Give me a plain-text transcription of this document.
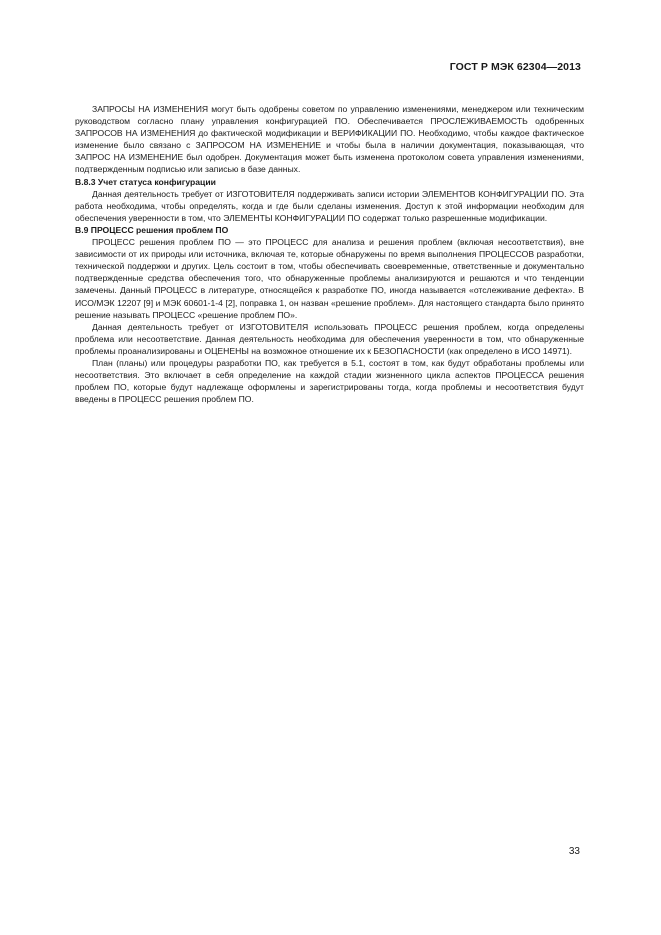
ГОСТ Р МЭК 62304—2013

ЗАПРОСЫ НА ИЗМЕНЕНИЯ могут быть одобрены советом по управлению изменениями, менеджером или техническим руководством согласно плану управления конфигурацией ПО. Обеспечивается ПРОСЛЕЖИВАЕМОСТЬ одобренных ЗАПРОСОВ НА ИЗМЕНЕНИЯ до фактической модификации и ВЕРИФИКАЦИИ ПО. Необходимо, чтобы каждое фактическое изменение было связано с ЗАПРОСОМ НА ИЗМЕНЕНИЕ и чтобы была в наличии документация, показывающая, что ЗАПРОС НА ИЗМЕНЕНИЕ был одобрен. Документация может быть изменена протоколом совета управления изменениями, подтвержденным подписью или записью в базе данных.

В.8.3 Учет статуса конфигурации

Данная деятельность требует от ИЗГОТОВИТЕЛЯ поддерживать записи истории ЭЛЕМЕНТОВ КОНФИГУРАЦИИ ПО. Эта работа необходима, чтобы определять, когда и где были сделаны изменения. Доступ к этой информации необходим для обеспечения уверенности в том, что ЭЛЕМЕНТЫ КОНФИГУРАЦИИ ПО содержат только разрешенные модификации.

В.9 ПРОЦЕСС решения проблем ПО

ПРОЦЕСС решения проблем ПО — это ПРОЦЕСС для анализа и решения проблем (включая несоответствия), вне зависимости от их природы или источника, включая те, которые обнаружены по время выполнения ПРОЦЕССОВ разработки, технической поддержки и других. Цель состоит в том, чтобы обеспечивать своевременные, ответственные и документально подтвержденные средства обеспечения того, что обнаруженные проблемы анализируются и решаются и что тенденции замечены. Данный ПРОЦЕСС в литературе, относящейся к разработке ПО, иногда называется «отслеживание дефекта». В ИСО/МЭК 12207 [9] и МЭК 60601-1-4 [2], поправка 1, он назван «решение проблем». Для настоящего стандарта было принято решение называть ПРОЦЕСС «решение проблем ПО».

Данная деятельность требует от ИЗГОТОВИТЕЛЯ использовать ПРОЦЕСС решения проблем, когда определены проблема или несоответствие. Данная деятельность необходима для обеспечения уверенности в том, что обнаруженные проблемы проанализированы и ОЦЕНЕНЫ на возможное отношение их к БЕЗОПАСНОСТИ (как определено в ИСО 14971).

План (планы) или процедуры разработки ПО, как требуется в 5.1, состоят в том, как будут обработаны проблемы или несоответствия. Это включает в себя определение на каждой стадии жизненного цикла аспектов ПРОЦЕССА решения проблем ПО, которые будут надлежаще оформлены и зарегистрированы тогда, когда проблемы и несоответствия будут введены в ПРОЦЕСС решения проблем ПО.

33
